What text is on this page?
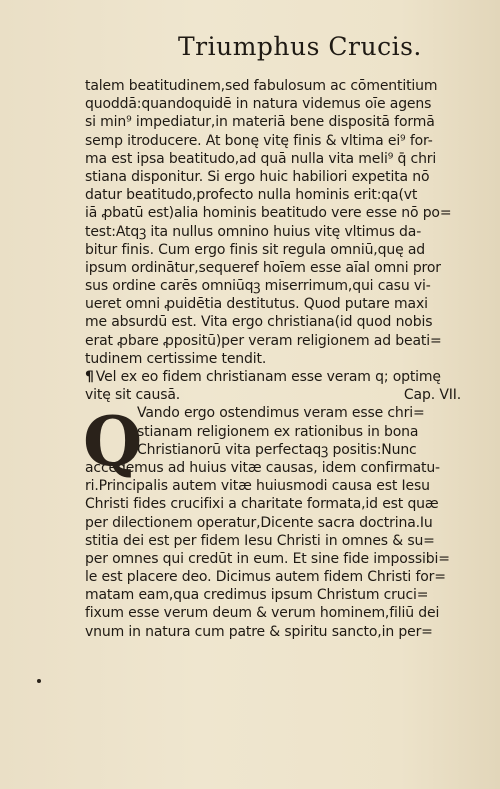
Triumphus Crucis.
talem beatitudinem,sed fabulosum ac cōmentitium
quoddā:quandoquidē in natura videmus oīe agens
si min⁹ impediatur,in materiā bene dispositā formā
semp itroducere. At bonę vitę finis & vltima ei⁹ for-
ma est ipsa beatitudo,ad quā nulla vita meli⁹ q̄ chri
stiana disponitur. Si ergo huic habiliori expetita nō
datur beatitudo,profecto nulla hominis erit:qa(vt
iā ꝓbatū est)alia hominis beatitudo vere esse nō po=
test:Atqꝫ ita nullus omnino huius vitę vltimus da-
bitur finis. Cum ergo finis sit regula omniū,quę ad
ipsum ordinātur,sequeref hoīem esse aīal omni pror
sus ordine carēs omniūqꝫ miserrimum,qui casu vi-
ueret omni ꝓuidētia destitutus. Quod putare maxi
me absurdū est. Vita ergo christiana(id quod nobis
erat ꝓbare ꝓpositū)per veram religionem ad beati=
tudinem certissime tendit.
¶ Vel ex eo fidem christianam esse veram q; optimę
vitę sit causā.	Cap. VII.
Q
Vando ergo ostendimus veram esse chri=
stianam religionem ex rationibus in bona
Christianorū vita perfectaqꝫ positis:Nunc
accedemus ad huius vitæ causas, idem confirmatu-
ri.Principalis autem vitæ huiusmodi causa est Iesu
Christi fides crucifixi a charitate formata,id est quæ
per dilectionem operatur,Dicente sacra doctrina.Iu
stitia dei est per fidem Iesu Christi in omnes & su=
per omnes qui credūt in eum. Et sine fide impossibi=
le est placere deo. Dicimus autem fidem Christi for=
matam eam,qua credimus ipsum Christum cruci=
fixum esse verum deum & verum hominem,filiū dei
vnum in natura cum patre & spiritu sancto,in per=
